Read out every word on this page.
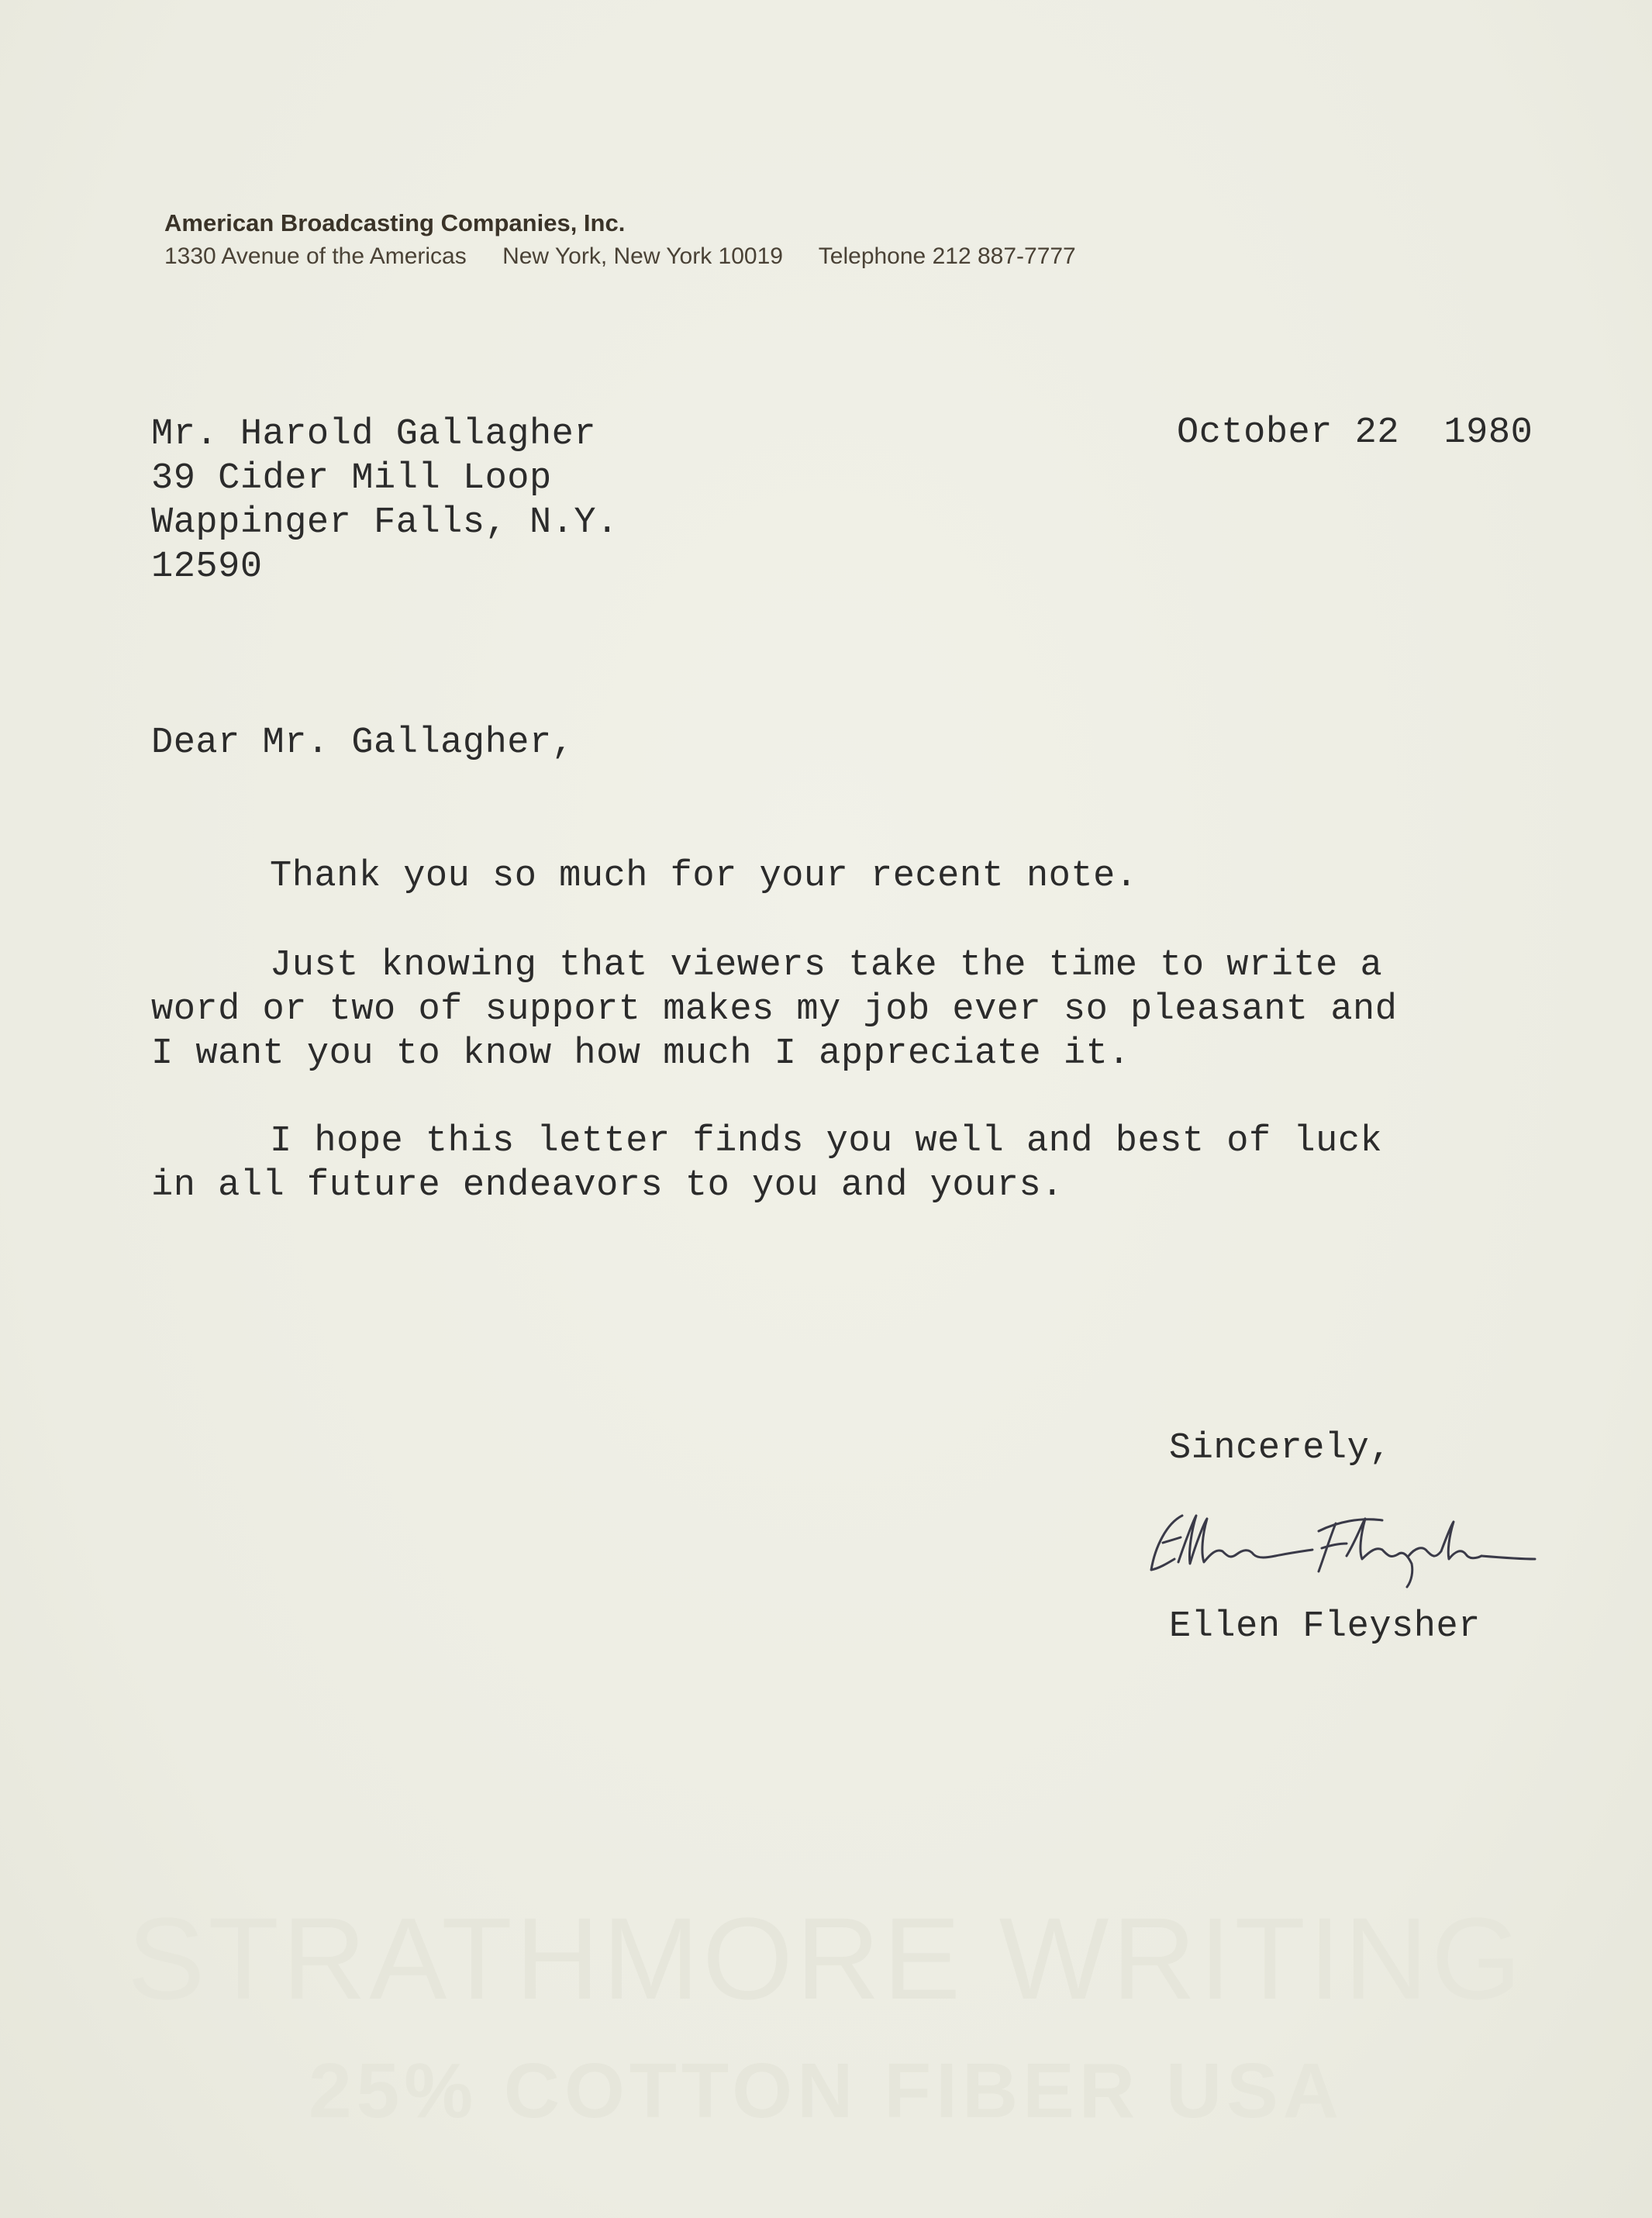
American Broadcasting Companies, Inc.
1330 Avenue of the Americas New York, New York 10019 Telephone 212 887-7777
Mr. Harold Gallagher
39 Cider Mill Loop
Wappinger Falls, N.Y.
12590
October 22  1980
Dear Mr. Gallagher,
Thank you so much for your recent note.
Just knowing that viewers take the time to write a
word or two of support makes my job ever so pleasant and
I want you to know how much I appreciate it.
I hope this letter finds you well and best of luck
in all future endeavors to you and yours.
Sincerely,
Ellen Fleysher
Ellen Fleysher
STRATHMORE WRITING
25% COTTON FIBER USA
